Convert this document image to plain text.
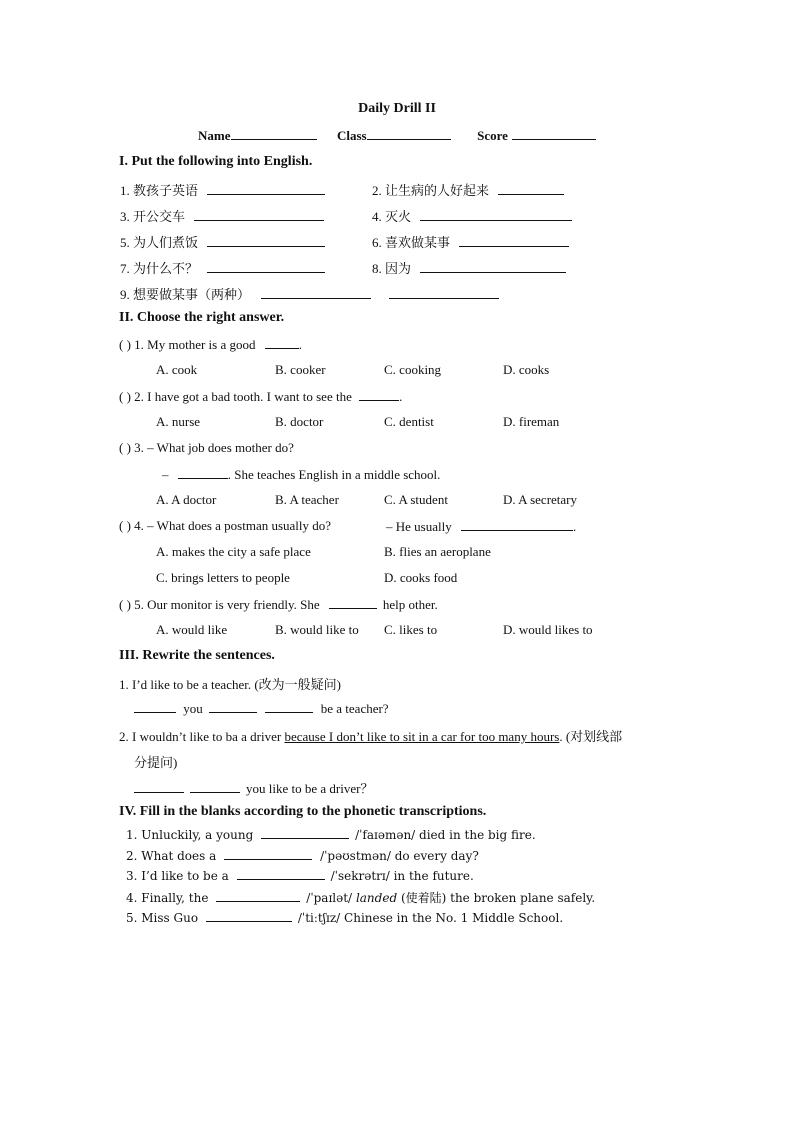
Daily Drill II
Name	Class	Score
I. Put the following into English.
1. 教孩子英语	2. 让生病的人好起来
3. 开公交车	4. 灭火
5. 为人们煮饭	6. 喜欢做某事
7. 为什么不？	8. 因为
9. 想要做某事（两种）
II. Choose the right answer.
( ) 1. My mother is a good	.
A. cook	B. cooker	C. cooking	D. cooks
( ) 2. I have got a bad tooth. I want to see the	.
A. nurse	B. doctor	C. dentist	D. fireman
( ) 3. – What job does mother do?
–	. She teaches English in a middle school.
A. A doctor	B. A teacher	C. A student	D. A secretary
( ) 4. – What does a postman usually do?	– He usually	.
A. makes the city a safe place	B. flies an aeroplane
C. brings letters to people	D. cooks food
( ) 5. Our monitor is very friendly. She	help other.
A. would like	B. would like to C. likes to	D. would likes to
III. Rewrite the sentences.
1. I’d like to be a teacher. (改为一般疑问)
you	be a teacher?
2. I wouldn’t like to ba a driver because I don’t like to sit in a car for too many hours. (对划线部
分提问)
you like to be a driver？
IV. Fill in the blanks according to the phonetic transcriptions.
1. Unluckily, a young	/ˈfaɪəmən/ died in the big fire.
2. What does a	/ˈpəʊstmən/ do every day?
3. I’d like to be a	/ˈsekrətrɪ/ in the future.
4. Finally, the	/ˈpaɪlət/ landed (使着陆) the broken plane safely.
5. Miss Guo	/ˈtiːtʃɪz/ Chinese in the No. 1 Middle School.
